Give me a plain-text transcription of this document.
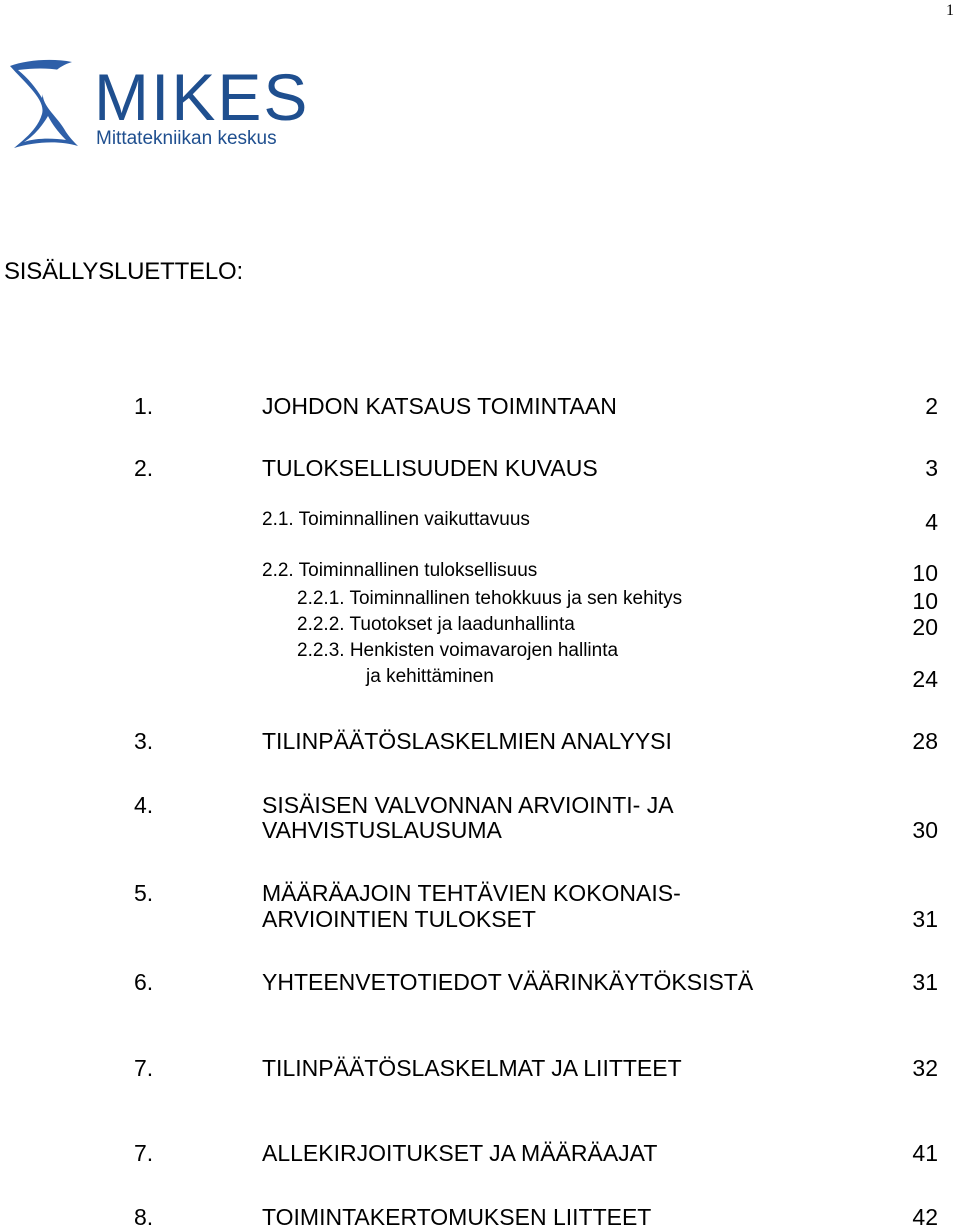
1
MIKES
Mittatekniikan keskus
SISÄLLYSLUETTELO:
1.	JOHDON KATSAUS TOIMINTAAN	2
2.	TULOKSELLISUUDEN KUVAUS	3
2.1. Toiminnallinen vaikuttavuus	4
2.2. Toiminnallinen tuloksellisuus	10
2.2.1. Toiminnallinen tehokkuus ja sen kehitys	10
2.2.2. Tuotokset ja laadunhallinta	20
2.2.3. Henkisten voimavarojen hallinta
ja kehittäminen	24
3.	TILINPÄÄTÖSLASKELMIEN ANALYYSI	28
4.	SISÄISEN VALVONNAN ARVIOINTI- JA
VAHVISTUSLAUSUMA	30
5.	MÄÄRÄAJOIN TEHTÄVIEN KOKONAIS-
ARVIOINTIEN TULOKSET	31
6.	YHTEENVETOTIEDOT VÄÄRINKÄYTÖKSISTÄ	31
7.	TILINPÄÄTÖSLASKELMAT JA LIITTEET	32
7.	ALLEKIRJOITUKSET JA MÄÄRÄAJAT	41
8.	TOIMINTAKERTOMUKSEN LIITTEET	42
